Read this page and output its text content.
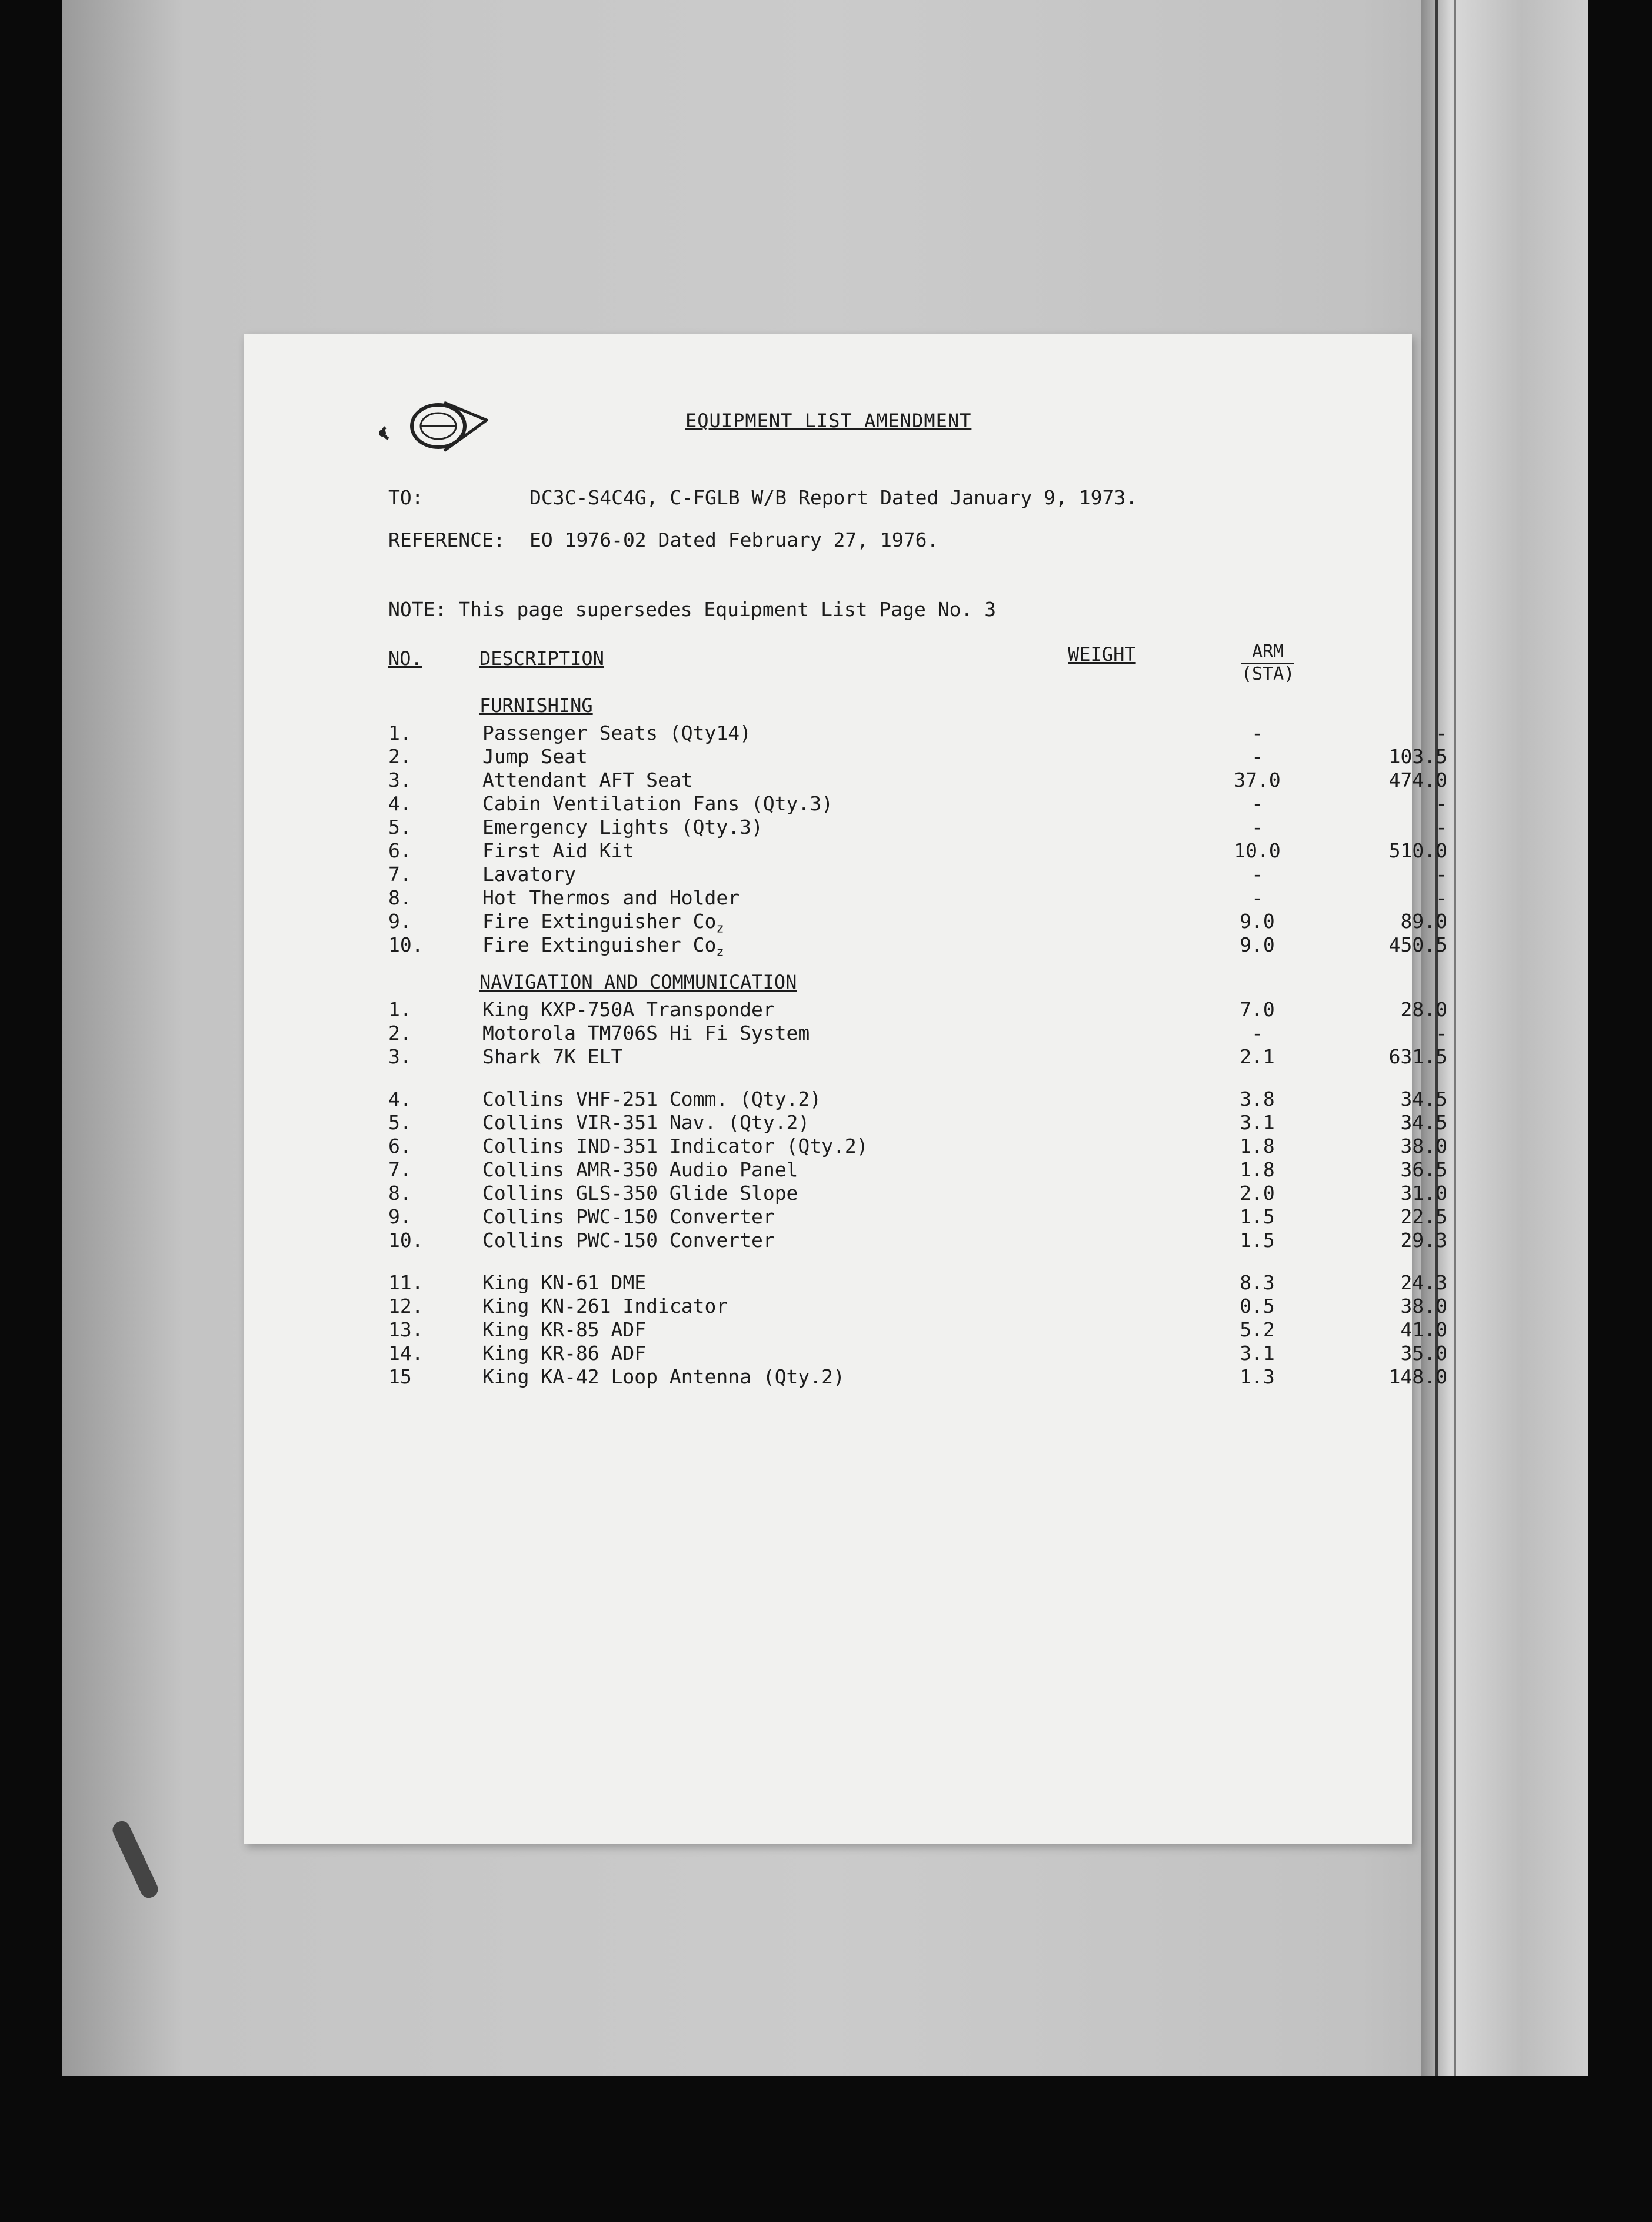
EQUIPMENT LIST AMENDMENT
TO:	DC3C-S4C4G, C-FGLB W/B Report Dated January 9, 1973.
REFERENCE: EO 1976-02 Dated February 27, 1976.
NOTE: This page supersedes Equipment List Page No. 3
NO.	DESCRIPTION	WEIGHT	ARM
(STA)
FURNISHING
1.	Passenger Seats (Qty14)	-	-
2.	Jump Seat	-	103.5
3.	Attendant AFT Seat	37.0	474.0
4.	Cabin Ventilation Fans (Qty.3)	-	-
5.	Emergency Lights (Qty.3)	-	-
6.	First Aid Kit	10.0	510.0
7.	Lavatory	-	-
8.	Hot Thermos and Holder	-	-
9.	Fire Extinguisher $Co_z$	9.0	89.0
10.	Fire Extinguisher $Co_z$	9.0	450.5
NAVIGATION AND COMMUNICATION
1.	King KXP-750A Transponder	7.0	28.0
2.	Motorola TM706S Hi Fi System	-	-
3.	Shark 7K ELT	2.1	631.5
4.	Collins VHF-251 Comm. (Qty.2)	3.8	34.5
5.	Collins VIR-351 Nav. (Qty.2)	3.1	34.5
6.	Collins IND-351 Indicator (Qty.2)	1.8	38.0
7.	Collins AMR-350 Audio Panel	1.8	36.5
8.	Collins GLS-350 Glide Slope	2.0	31.0
9.	Collins PWC-150 Converter	1.5	22.5
10.	Collins PWC-150 Converter	1.5	29.3
11.	King KN-61 DME	8.3	24.3
12.	King KN-261 Indicator	0.5	38.0
13.	King KR-85 ADF	5.2	41.0
14.	King KR-86 ADF	3.1	35.0
15	King KA-42 Loop Antenna (Qty.2)	1.3	148.0
